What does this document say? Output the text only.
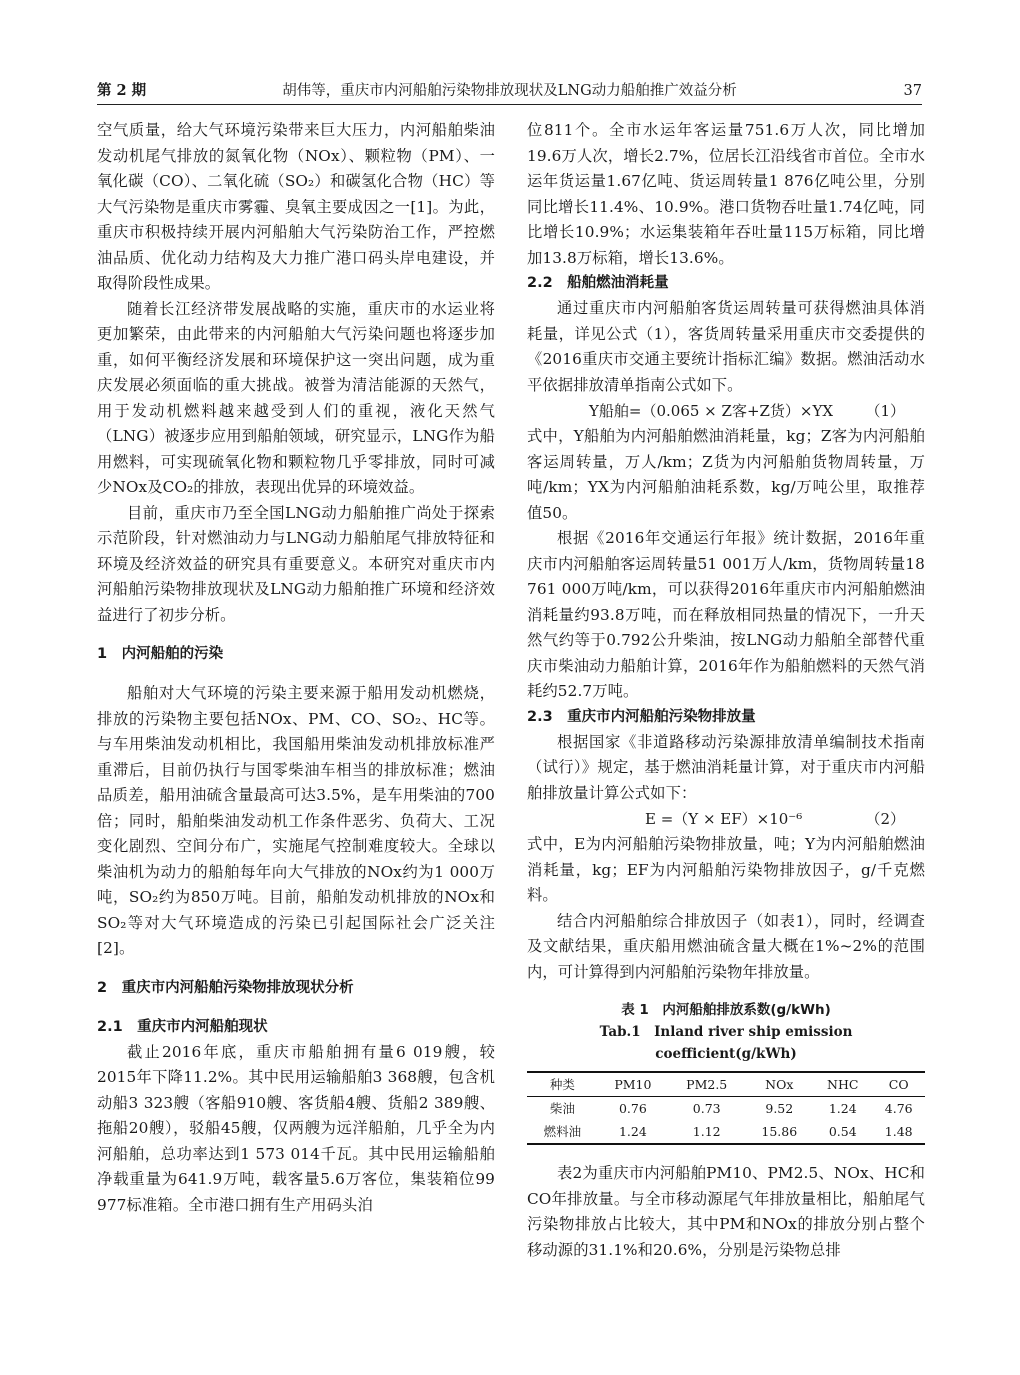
第 2 期	胡伟等，重庆市内河船舶污染物排放现状及LNG动力船舶推广效益分析	37

空气质量，给大气环境污染带来巨大压力，内河船舶柴油发动机尾气排放的氮氧化物（NOx）、颗粒物（PM）、一氧化碳（CO）、二氧化硫（SO₂）和碳氢化合物（HC）等大气污染物是重庆市雾霾、臭氧主要成因之一[1]。为此，重庆市积极持续开展内河船舶大气污染防治工作，严控燃油品质、优化动力结构及大力推广港口码头岸电建设，并取得阶段性成果。

随着长江经济带发展战略的实施，重庆市的水运业将更加繁荣，由此带来的内河船舶大气污染问题也将逐步加重，如何平衡经济发展和环境保护这一突出问题，成为重庆发展必须面临的重大挑战。被誉为清洁能源的天然气，用于发动机燃料越来越受到人们的重视，液化天然气（LNG）被逐步应用到船舶领域，研究显示，LNG作为船用燃料，可实现硫氧化物和颗粒物几乎零排放，同时可减少NOx及CO₂的排放，表现出优异的环境效益。

目前，重庆市乃至全国LNG动力船舶推广尚处于探索示范阶段，针对燃油动力与LNG动力船舶尾气排放特征和环境及经济效益的研究具有重要意义。本研究对重庆市内河船舶污染物排放现状及LNG动力船舶推广环境和经济效益进行了初步分析。

1　内河船舶的污染

船舶对大气环境的污染主要来源于船用发动机燃烧，排放的污染物主要包括NOx、PM、CO、SO₂、HC等。与车用柴油发动机相比，我国船用柴油发动机排放标准严重滞后，目前仍执行与国零柴油车相当的排放标准；燃油品质差，船用油硫含量最高可达3.5%，是车用柴油的700倍；同时，船舶柴油发动机工作条件恶劣、负荷大、工况变化剧烈、空间分布广，实施尾气控制难度较大。全球以柴油机为动力的船舶每年向大气排放的NOx约为1 000万吨，SO₂约为850万吨。目前，船舶发动机排放的NOx和SO₂等对大气环境造成的污染已引起国际社会广泛关注[2]。

2　重庆市内河船舶污染物排放现状分析

2.1　重庆市内河船舶现状

截止2016年底，重庆市船舶拥有量6 019艘，较2015年下降11.2%。其中民用运输船舶3 368艘，包含机动船3 323艘（客船910艘、客货船4艘、货船2 389艘、拖船20艘），驳船45艘，仅两艘为远洋船舶，几乎全为内河船舶，总功率达到1 573 014千瓦。其中民用运输船舶净载重量为641.9万吨，载客量5.6万客位，集装箱位99 977标准箱。全市港口拥有生产用码头泊

位811个。全市水运年客运量751.6万人次，同比增加19.6万人次，增长2.7%，位居长江沿线省市首位。全市水运年货运量1.67亿吨、货运周转量1 876亿吨公里，分别同比增长11.4%、10.9%。港口货物吞吐量1.74亿吨，同比增长10.9%；水运集装箱年吞吐量115万标箱，同比增加13.8万标箱，增长13.6%。

2.2　船舶燃油消耗量

通过重庆市内河船舶客货运周转量可获得燃油具体消耗量，详见公式（1），客货周转量采用重庆市交委提供的《2016重庆市交通主要统计指标汇编》数据。燃油活动水平依据排放清单指南公式如下。

Y船舶=（0.065 × Z客+Z货）×YX （1）

式中，Y船舶为内河船舶燃油消耗量，kg；Z客为内河船舶客运周转量，万人/km；Z货为内河船舶货物周转量，万吨/km；YX为内河船舶油耗系数，kg/万吨公里，取推荐值50。

根据《2016年交通运行年报》统计数据，2016年重庆市内河船舶客运周转量51 001万人/km，货物周转量18 761 000万吨/km，可以获得2016年重庆市内河船舶燃油消耗量约93.8万吨，而在释放相同热量的情况下，一升天然气约等于0.792公升柴油，按LNG动力船舶全部替代重庆市柴油动力船舶计算，2016年作为船舶燃料的天然气消耗约52.7万吨。

2.3　重庆市内河船舶污染物排放量

根据国家《非道路移动污染源排放清单编制技术指南（试行）》规定，基于燃油消耗量计算，对于重庆市内河船舶排放量计算公式如下：

E =（Y × EF）×10⁻⁶	（2）

式中，E为内河船舶污染物排放量，吨；Y为内河船舶燃油消耗量，kg；EF为内河船舶污染物排放因子，g/千克燃料。

结合内河船舶综合排放因子（如表1），同时，经调查及文献结果，重庆船用燃油硫含量大概在1%~2%的范围内，可计算得到内河船舶污染物年排放量。

表 1　内河船舶排放系数(g/kWh)

Tab.1　Inland river ship emission coefficient(g/kWh)

种类	PM10	PM2.5	NOx	NHC	CO
柴油	0.76	0.73	9.52	1.24	4.76
燃料油	1.24	1.12	15.86	0.54	1.48

表2为重庆市内河船舶PM10、PM2.5、NOx、HC和CO年排放量。与全市移动源尾气年排放量相比，船舶尾气污染物排放占比较大，其中PM和NOx的排放分别占整个移动源的31.1%和20.6%，分别是污染物总排
